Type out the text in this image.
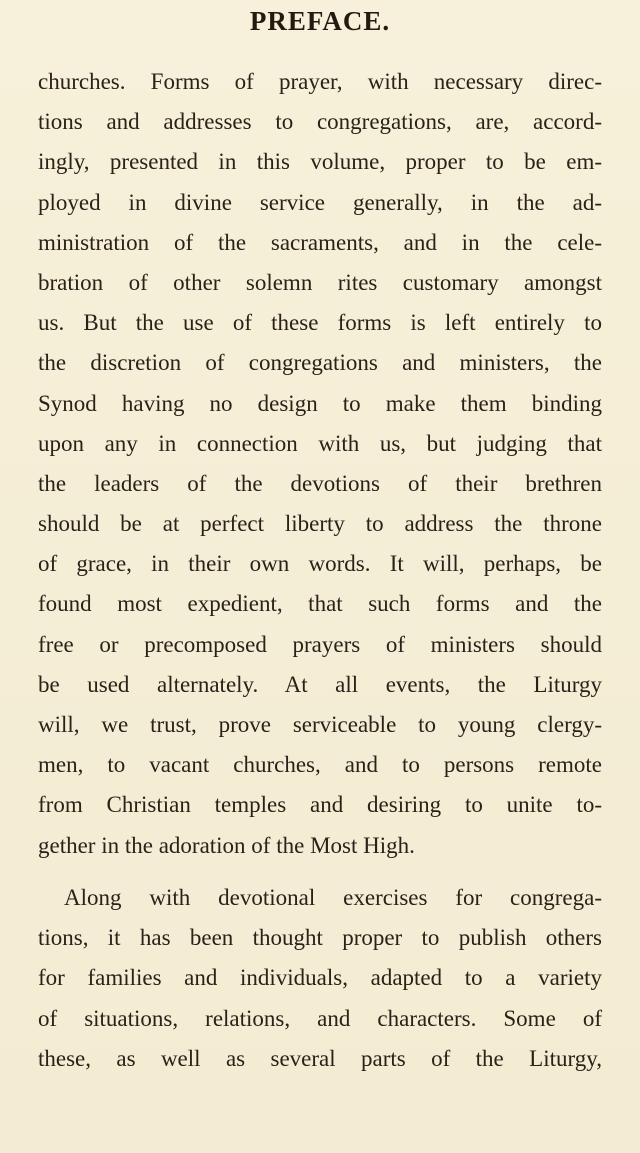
PREFACE.
churches. Forms of prayer, with necessary direc-
tions and addresses to congregations, are, accord-
ingly, presented in this volume, proper to be em-
ployed in divine service generally, in the ad-
ministration of the sacraments, and in the cele-
bration of other solemn rites customary amongst
us. But the use of these forms is left entirely to
the discretion of congregations and ministers, the
Synod having no design to make them binding
upon any in connection with us, but judging that
the leaders of the devotions of their brethren
should be at perfect liberty to address the throne
of grace, in their own words. It will, perhaps, be
found most expedient, that such forms and the
free or precomposed prayers of ministers should
be used alternately. At all events, the Liturgy
will, we trust, prove serviceable to young clergy-
men, to vacant churches, and to persons remote
from Christian temples and desiring to unite to-
gether in the adoration of the Most High.
Along with devotional exercises for congrega-
tions, it has been thought proper to publish others
for families and individuals, adapted to a variety
of situations, relations, and characters. Some of
these, as well as several parts of the Liturgy,
